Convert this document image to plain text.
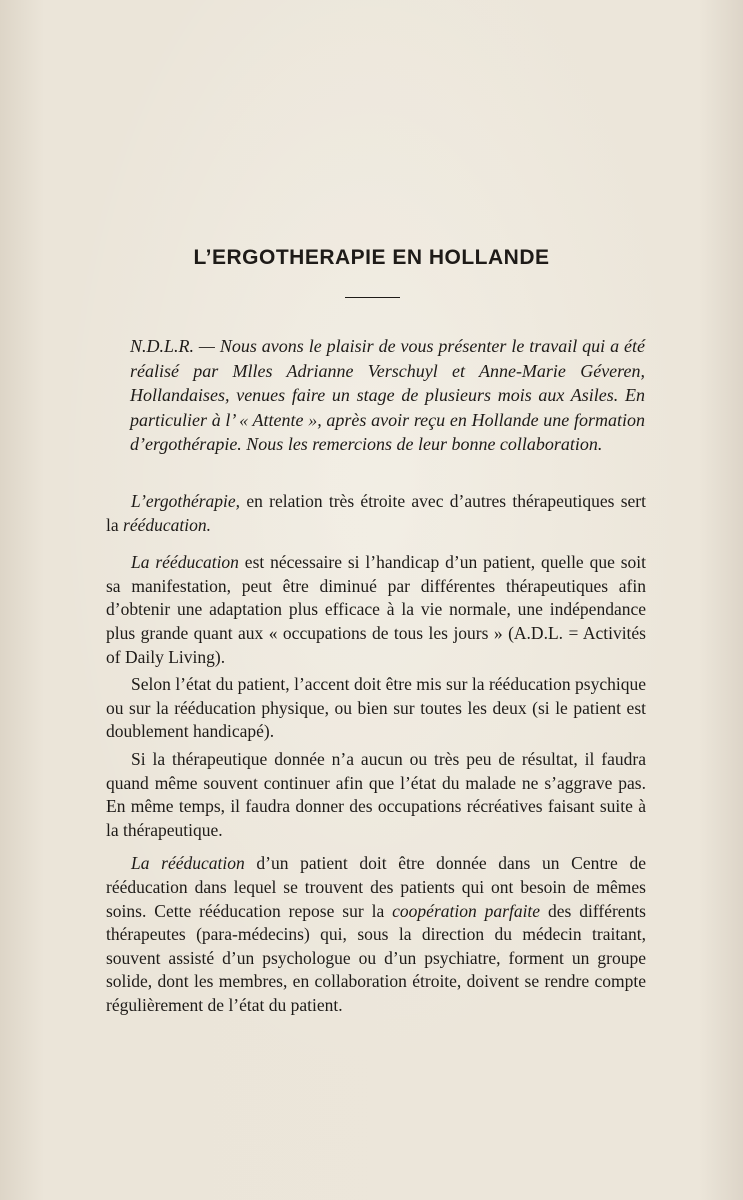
L’ERGOTHERAPIE EN HOLLANDE
N.D.L.R. — Nous avons le plaisir de vous présenter le travail qui a été réalisé par Mlles Adrianne Verschuyl et Anne-Marie Géveren, Hollandaises, venues faire un stage de plusieurs mois aux Asiles. En particulier à l’ « Attente », après avoir reçu en Hollande une formation d’ergothérapie. Nous les remercions de leur bonne collaboration.

L’ergothérapie, en relation très étroite avec d’autres thérapeutiques sert la rééducation.

La rééducation est nécessaire si l’handicap d’un patient, quelle que soit sa manifestation, peut être diminué par différentes thérapeutiques afin d’obtenir une adaptation plus efficace à la vie normale, une indépendance plus grande quant aux « occupations de tous les jours » (A.D.L. = Activités of Daily Living).

Selon l’état du patient, l’accent doit être mis sur la rééducation psychique ou sur la rééducation physique, ou bien sur toutes les deux (si le patient est doublement handicapé).

Si la thérapeutique donnée n’a aucun ou très peu de résultat, il faudra quand même souvent continuer afin que l’état du malade ne s’aggrave pas. En même temps, il faudra donner des occupations récréatives faisant suite à la thérapeutique.

La rééducation d’un patient doit être donnée dans un Centre de rééducation dans lequel se trouvent des patients qui ont besoin de mêmes soins. Cette rééducation repose sur la coopération parfaite des différents thérapeutes (para-médecins) qui, sous la direction du médecin traitant, souvent assisté d’un psychologue ou d’un psychiatre, forment un groupe solide, dont les membres, en collaboration étroite, doivent se rendre compte régulièrement de l’état du patient.
